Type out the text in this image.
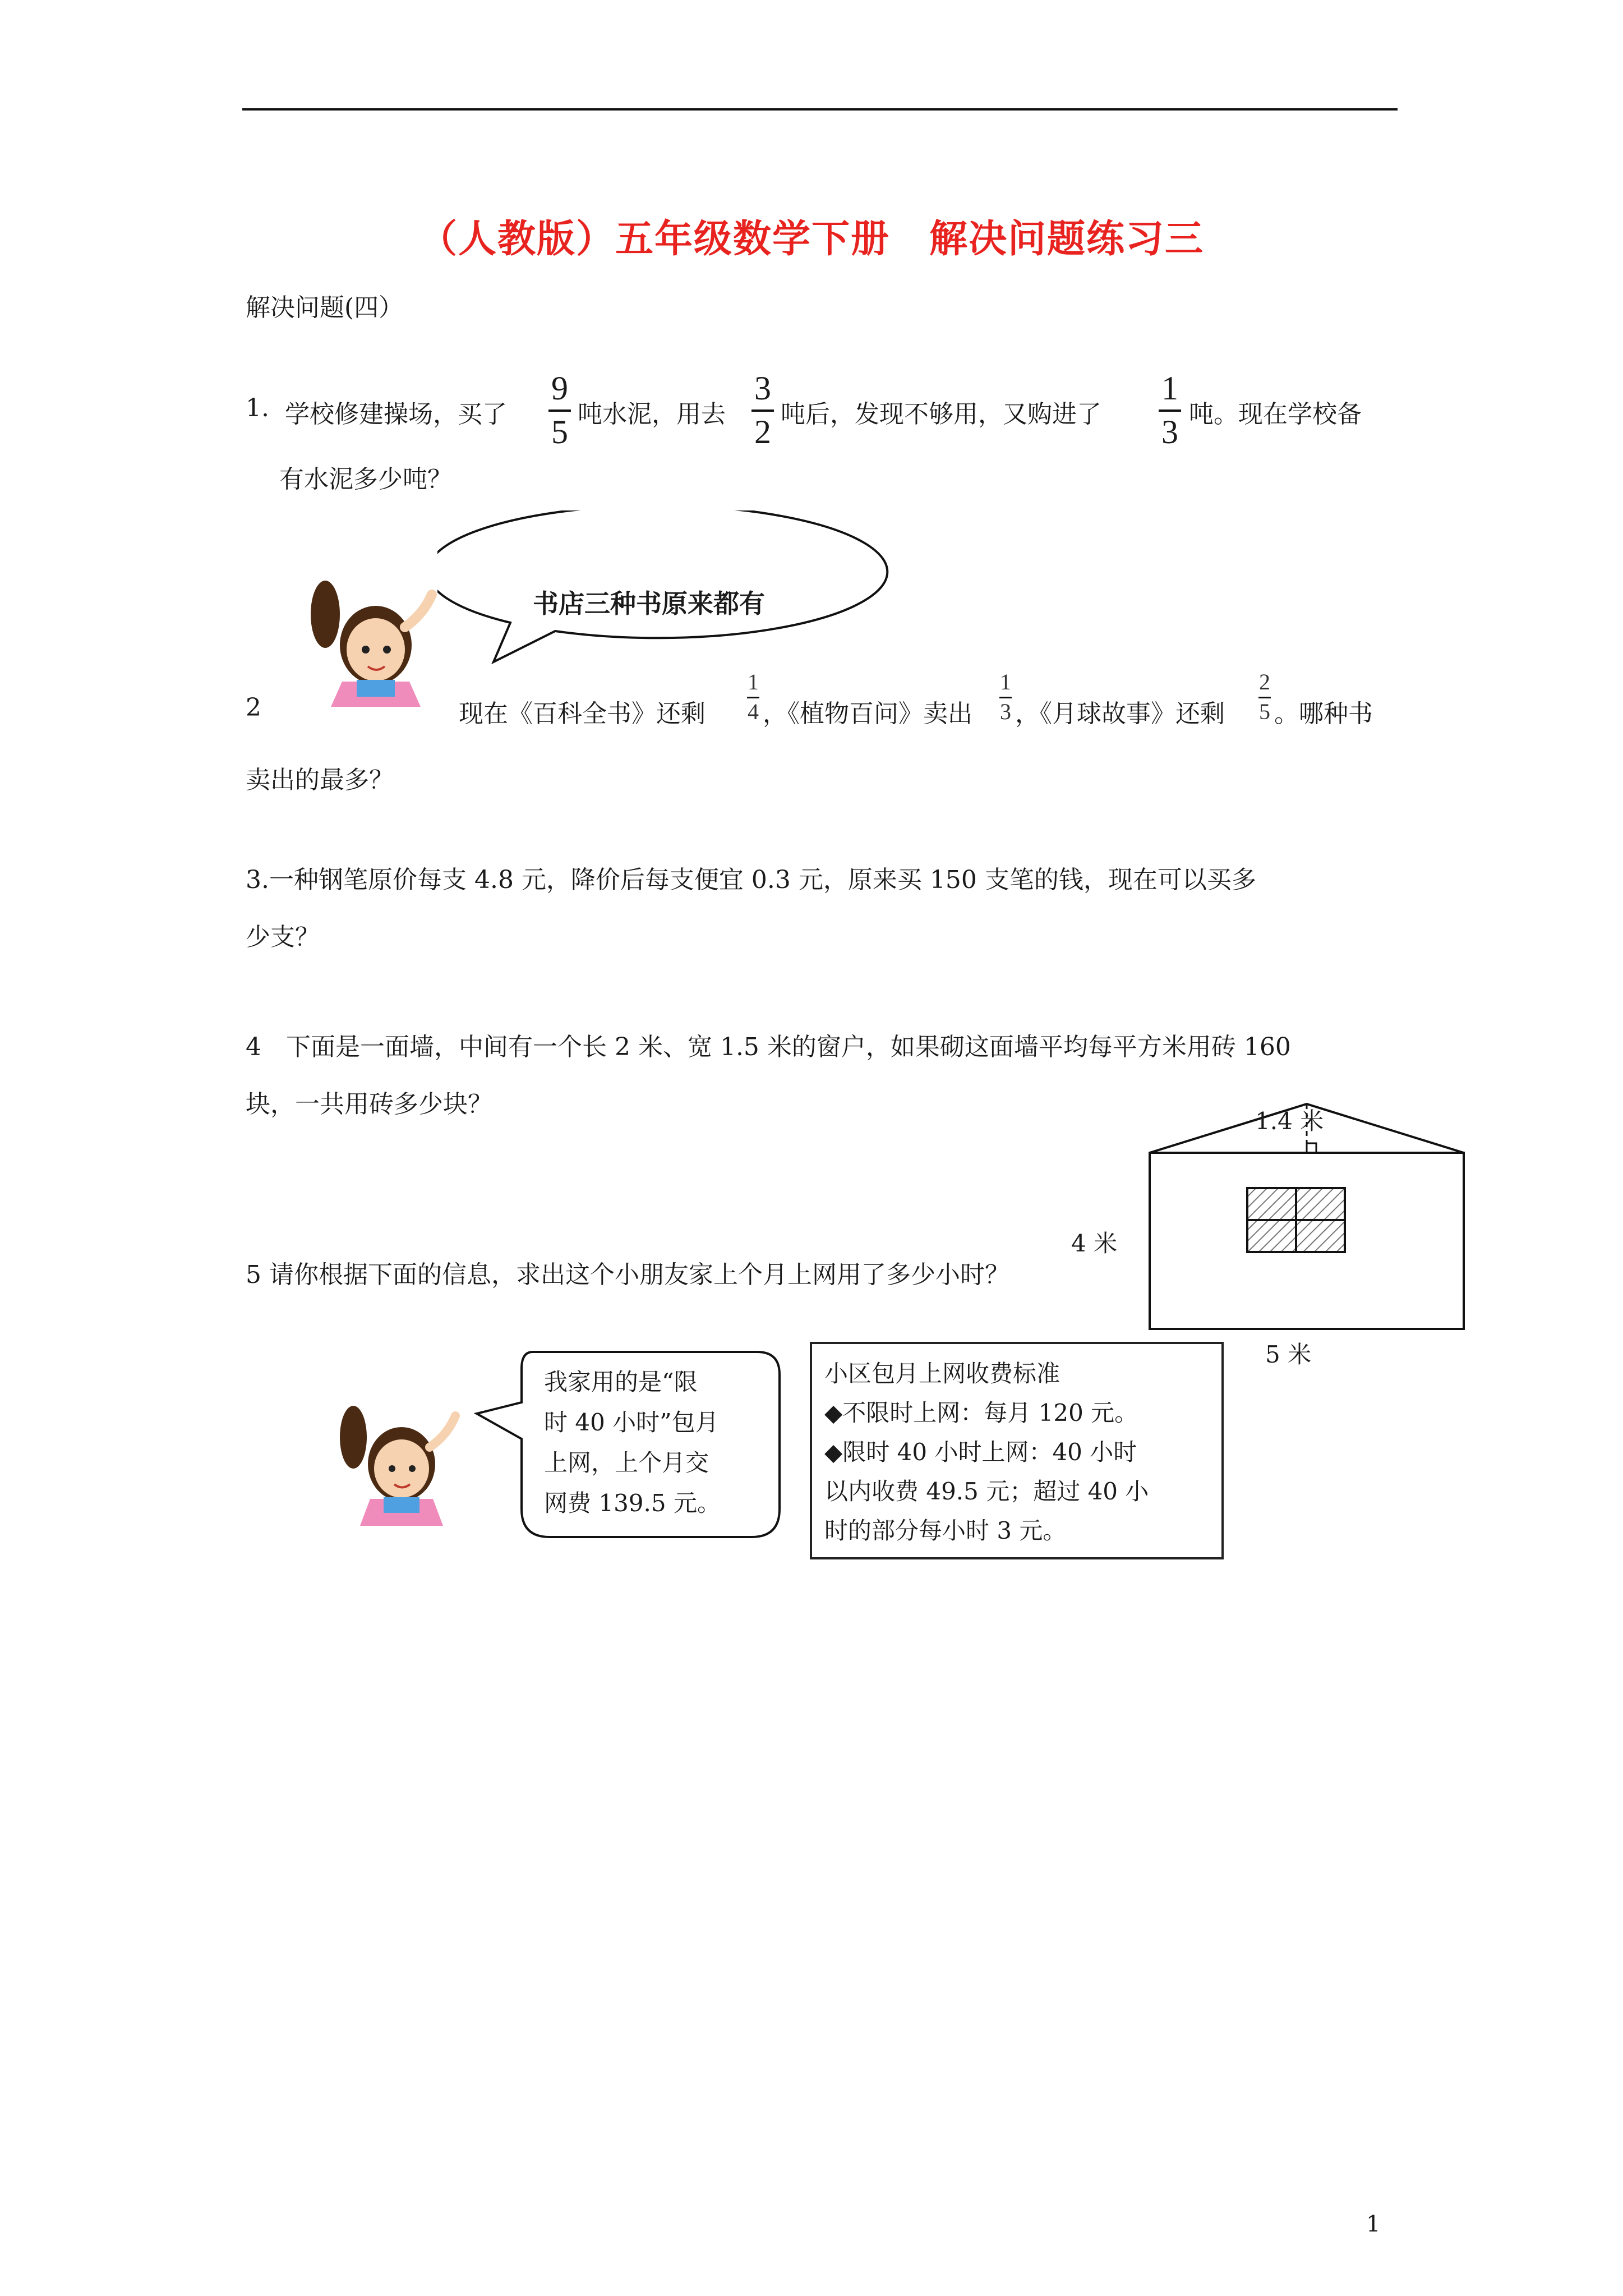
（人教版）五年级数学下册　解决问题练习三
解决问题(四）
1. 学校修建操场，买了
9
5 吨水泥，用去
3
2 吨后，发现不够用，又购进了
1
3 吨。现在学校备
有水泥多少吨？
书店三种书原来都有
2	现在《百科全书》还剩
1
4 ，《植物百问》卖出
1
3 ，《月球故事》还剩
2
5 。哪种书
卖出的最多？
3.一种钢笔原价每支 4.8 元，降价后每支便宜 0.3 元，原来买 150 支笔的钱，现在可以买多
少支？
4　下面是一面墙，中间有一个长 2 米、宽 1.5 米的窗户，如果砌这面墙平均每平方米用砖 160
块，一共用砖多少块？
1.4 米
4 米
5 米
5 请你根据下面的信息，求出这个小朋友家上个月上网用了多少小时？
我家用的是“限
时 40 小时”包月
上网，上个月交
网费 139.5 元。
小区包月上网收费标准
◆不限时上网：每月 120 元。
◆限时 40 小时上网：40 小时
以内收费 49.5 元；超过 40 小
时的部分每小时 3 元。
1
